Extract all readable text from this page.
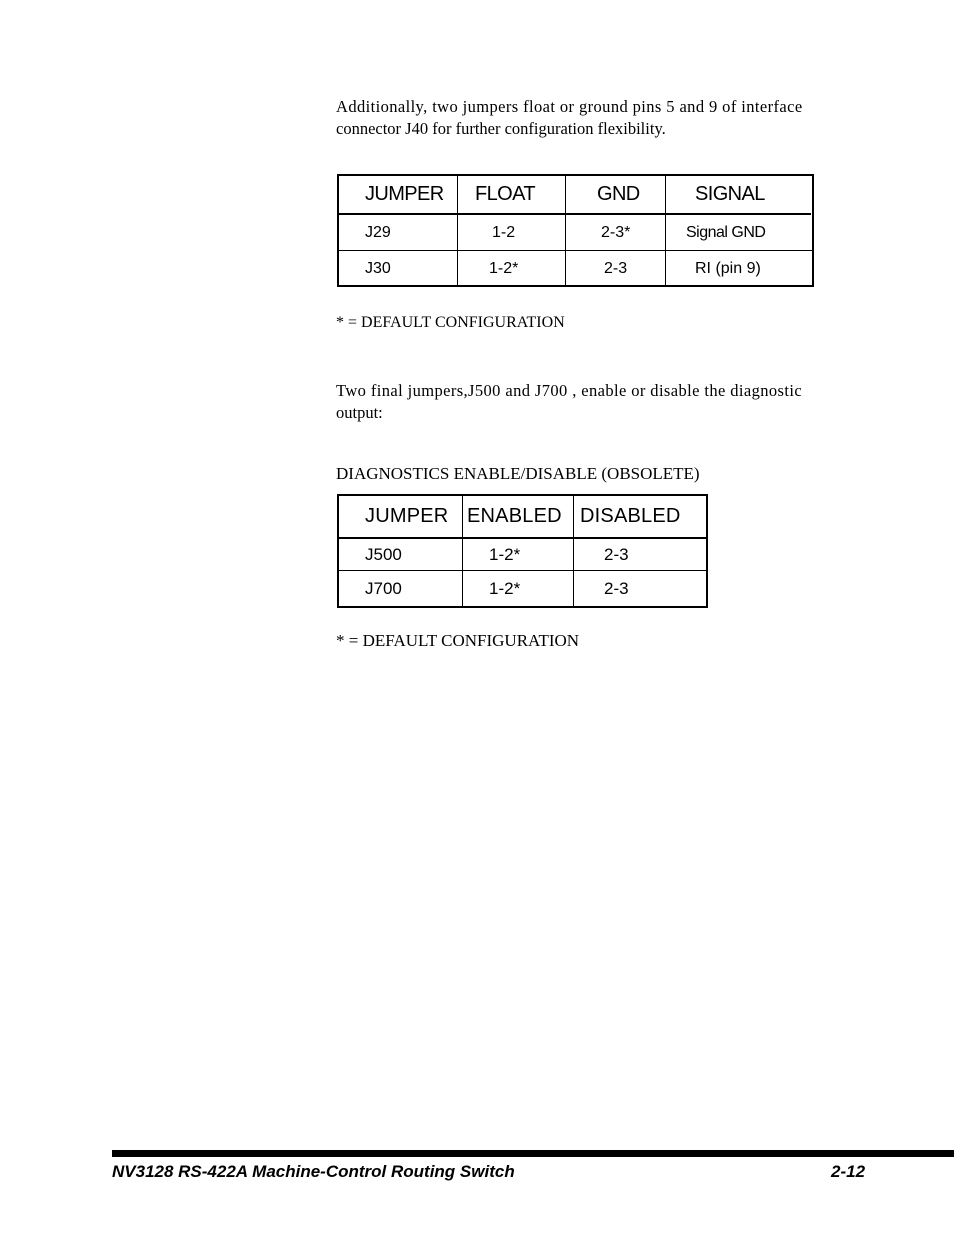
Additionally, two jumpers float or ground pins 5 and 9 of interface
connector J40 for further configuration flexibility.
JUMPER FLOAT	GND	SIGNAL
J29	1-2	2-3*	Signal GND
J30	1-2*	2-3	RI (pin 9)
* = DEFAULT CONFIGURATION
Two final jumpers,J500 and J700 , enable or disable the diagnostic
output:
DIAGNOSTICS ENABLE/DISABLE (OBSOLETE)
JUMPER ENABLED DISABLED
J500	1-2*	2-3
J700	1-2*	2-3
* = DEFAULT CONFIGURATION
NV3128 RS-422A Machine-Control Routing Switch	2-12
